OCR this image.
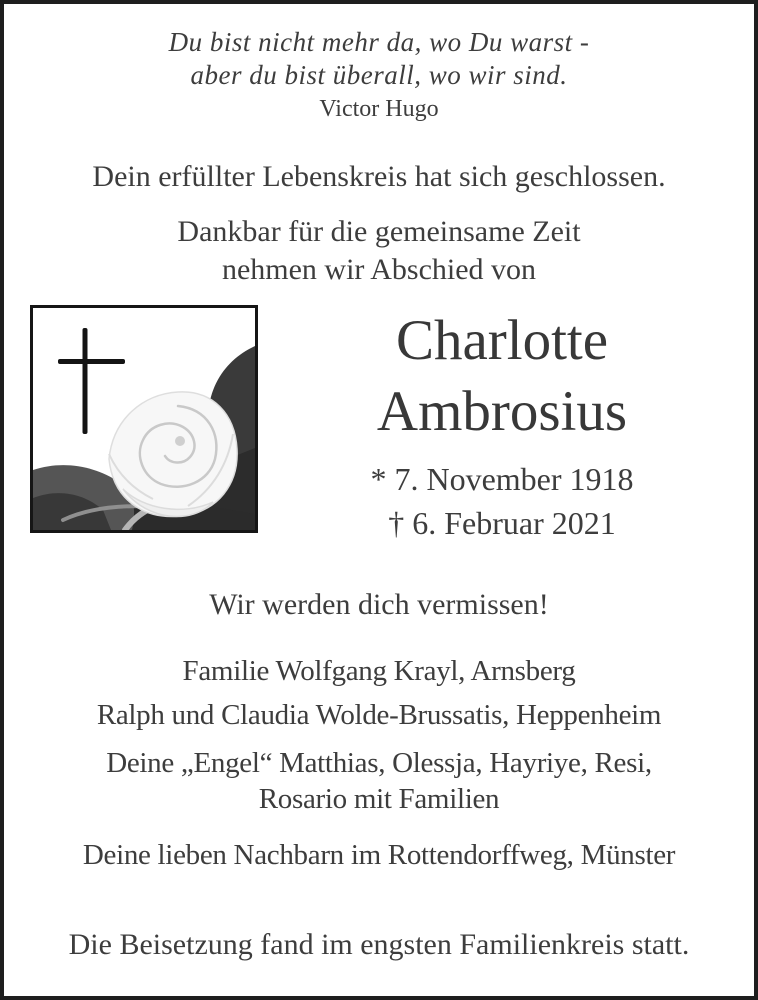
Du bist nicht mehr da, wo Du warst -
aber du bist überall, wo wir sind.
Victor Hugo
Dein erfüllter Lebenskreis hat sich geschlossen.
Dankbar für die gemeinsame Zeit
nehmen wir Abschied von
Charlotte
Ambrosius
* 7. November 1918
† 6. Februar 2021
Wir werden dich vermissen!
Familie Wolfgang Krayl, Arnsberg
Ralph und Claudia Wolde-Brussatis, Heppenheim
Deine „Engel“ Matthias, Olessja, Hayriye, Resi,
Rosario mit Familien
Deine lieben Nachbarn im Rottendorffweg, Münster
Die Beisetzung fand im engsten Familienkreis statt.
